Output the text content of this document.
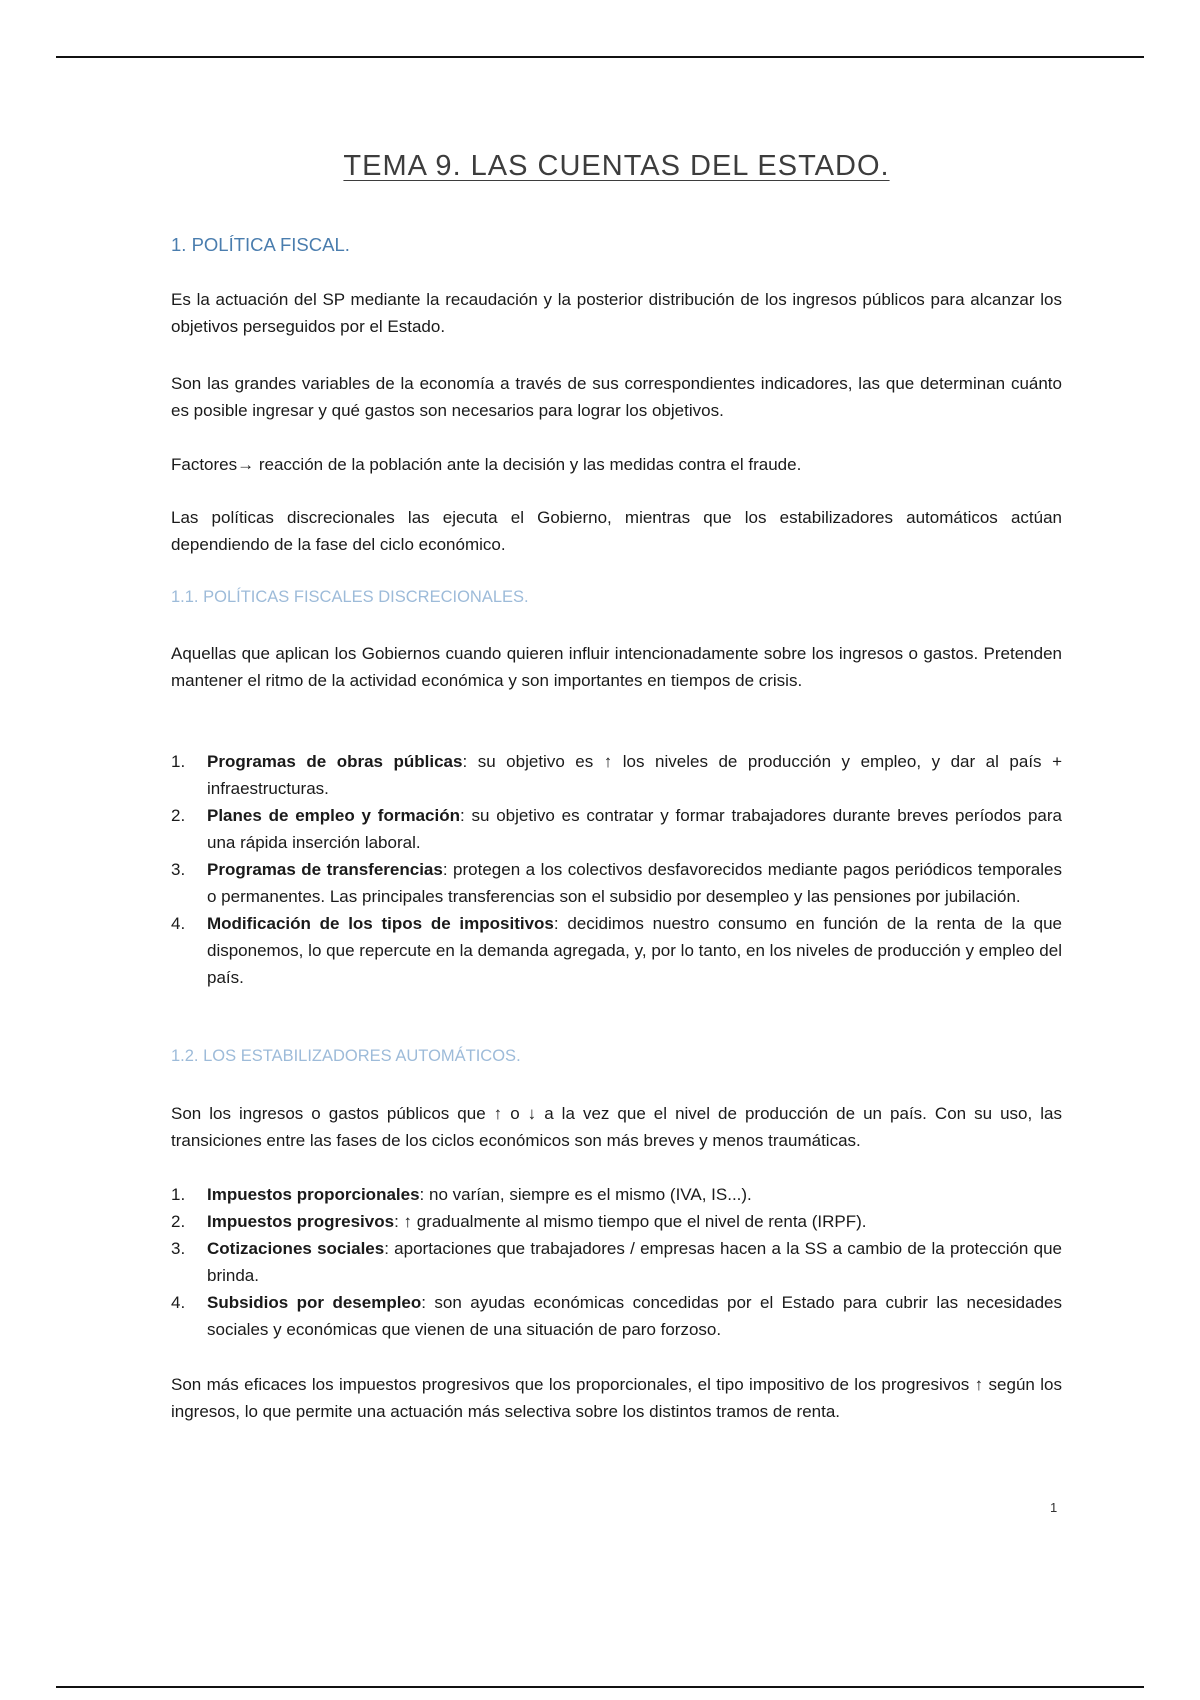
TEMA 9. LAS CUENTAS DEL ESTADO.
1. POLÍTICA FISCAL.

Es la actuación del SP mediante la recaudación y la posterior distribución de los ingresos públicos para alcanzar los objetivos perseguidos por el Estado.

Son las grandes variables de la economía a través de sus correspondientes indicadores, las que determinan cuánto es posible ingresar y qué gastos son necesarios para lograr los objetivos.

Factores→ reacción de la población ante la decisión y las medidas contra el fraude.

Las políticas discrecionales las ejecuta el Gobierno, mientras que los estabilizadores automáticos actúan dependiendo de la fase del ciclo económico.

1.1. POLÍTICAS FISCALES DISCRECIONALES.

Aquellas que aplican los Gobiernos cuando quieren influir intencionadamente sobre los ingresos o gastos. Pretenden mantener el ritmo de la actividad económica y son importantes en tiempos de crisis.

1. Programas de obras públicas: su objetivo es ↑ los niveles de producción y empleo, y dar al país + infraestructuras.
2. Planes de empleo y formación: su objetivo es contratar y formar trabajadores durante breves períodos para una rápida inserción laboral.
3. Programas de transferencias: protegen a los colectivos desfavorecidos mediante pagos periódicos temporales o permanentes. Las principales transferencias son el subsidio por desempleo y las pensiones por jubilación.
4. Modificación de los tipos de impositivos: decidimos nuestro consumo en función de la renta de la que disponemos, lo que repercute en la demanda agregada, y, por lo tanto, en los niveles de producción y empleo del país.
1.2. LOS ESTABILIZADORES AUTOMÁTICOS.

Son los ingresos o gastos públicos que ↑ o ↓ a la vez que el nivel de producción de un país. Con su uso, las transiciones entre las fases de los ciclos económicos son más breves y menos traumáticas.

1. Impuestos proporcionales: no varían, siempre es el mismo (IVA, IS...).
2. Impuestos progresivos: ↑ gradualmente al mismo tiempo que el nivel de renta (IRPF).
3. Cotizaciones sociales: aportaciones que trabajadores / empresas hacen a la SS a cambio de la protección que brinda.
4. Subsidios por desempleo: son ayudas económicas concedidas por el Estado para cubrir las necesidades sociales y económicas que vienen de una situación de paro forzoso.

Son más eficaces los impuestos progresivos que los proporcionales, el tipo impositivo de los progresivos ↑ según los ingresos, lo que permite una actuación más selectiva sobre los distintos tramos de renta.

1
